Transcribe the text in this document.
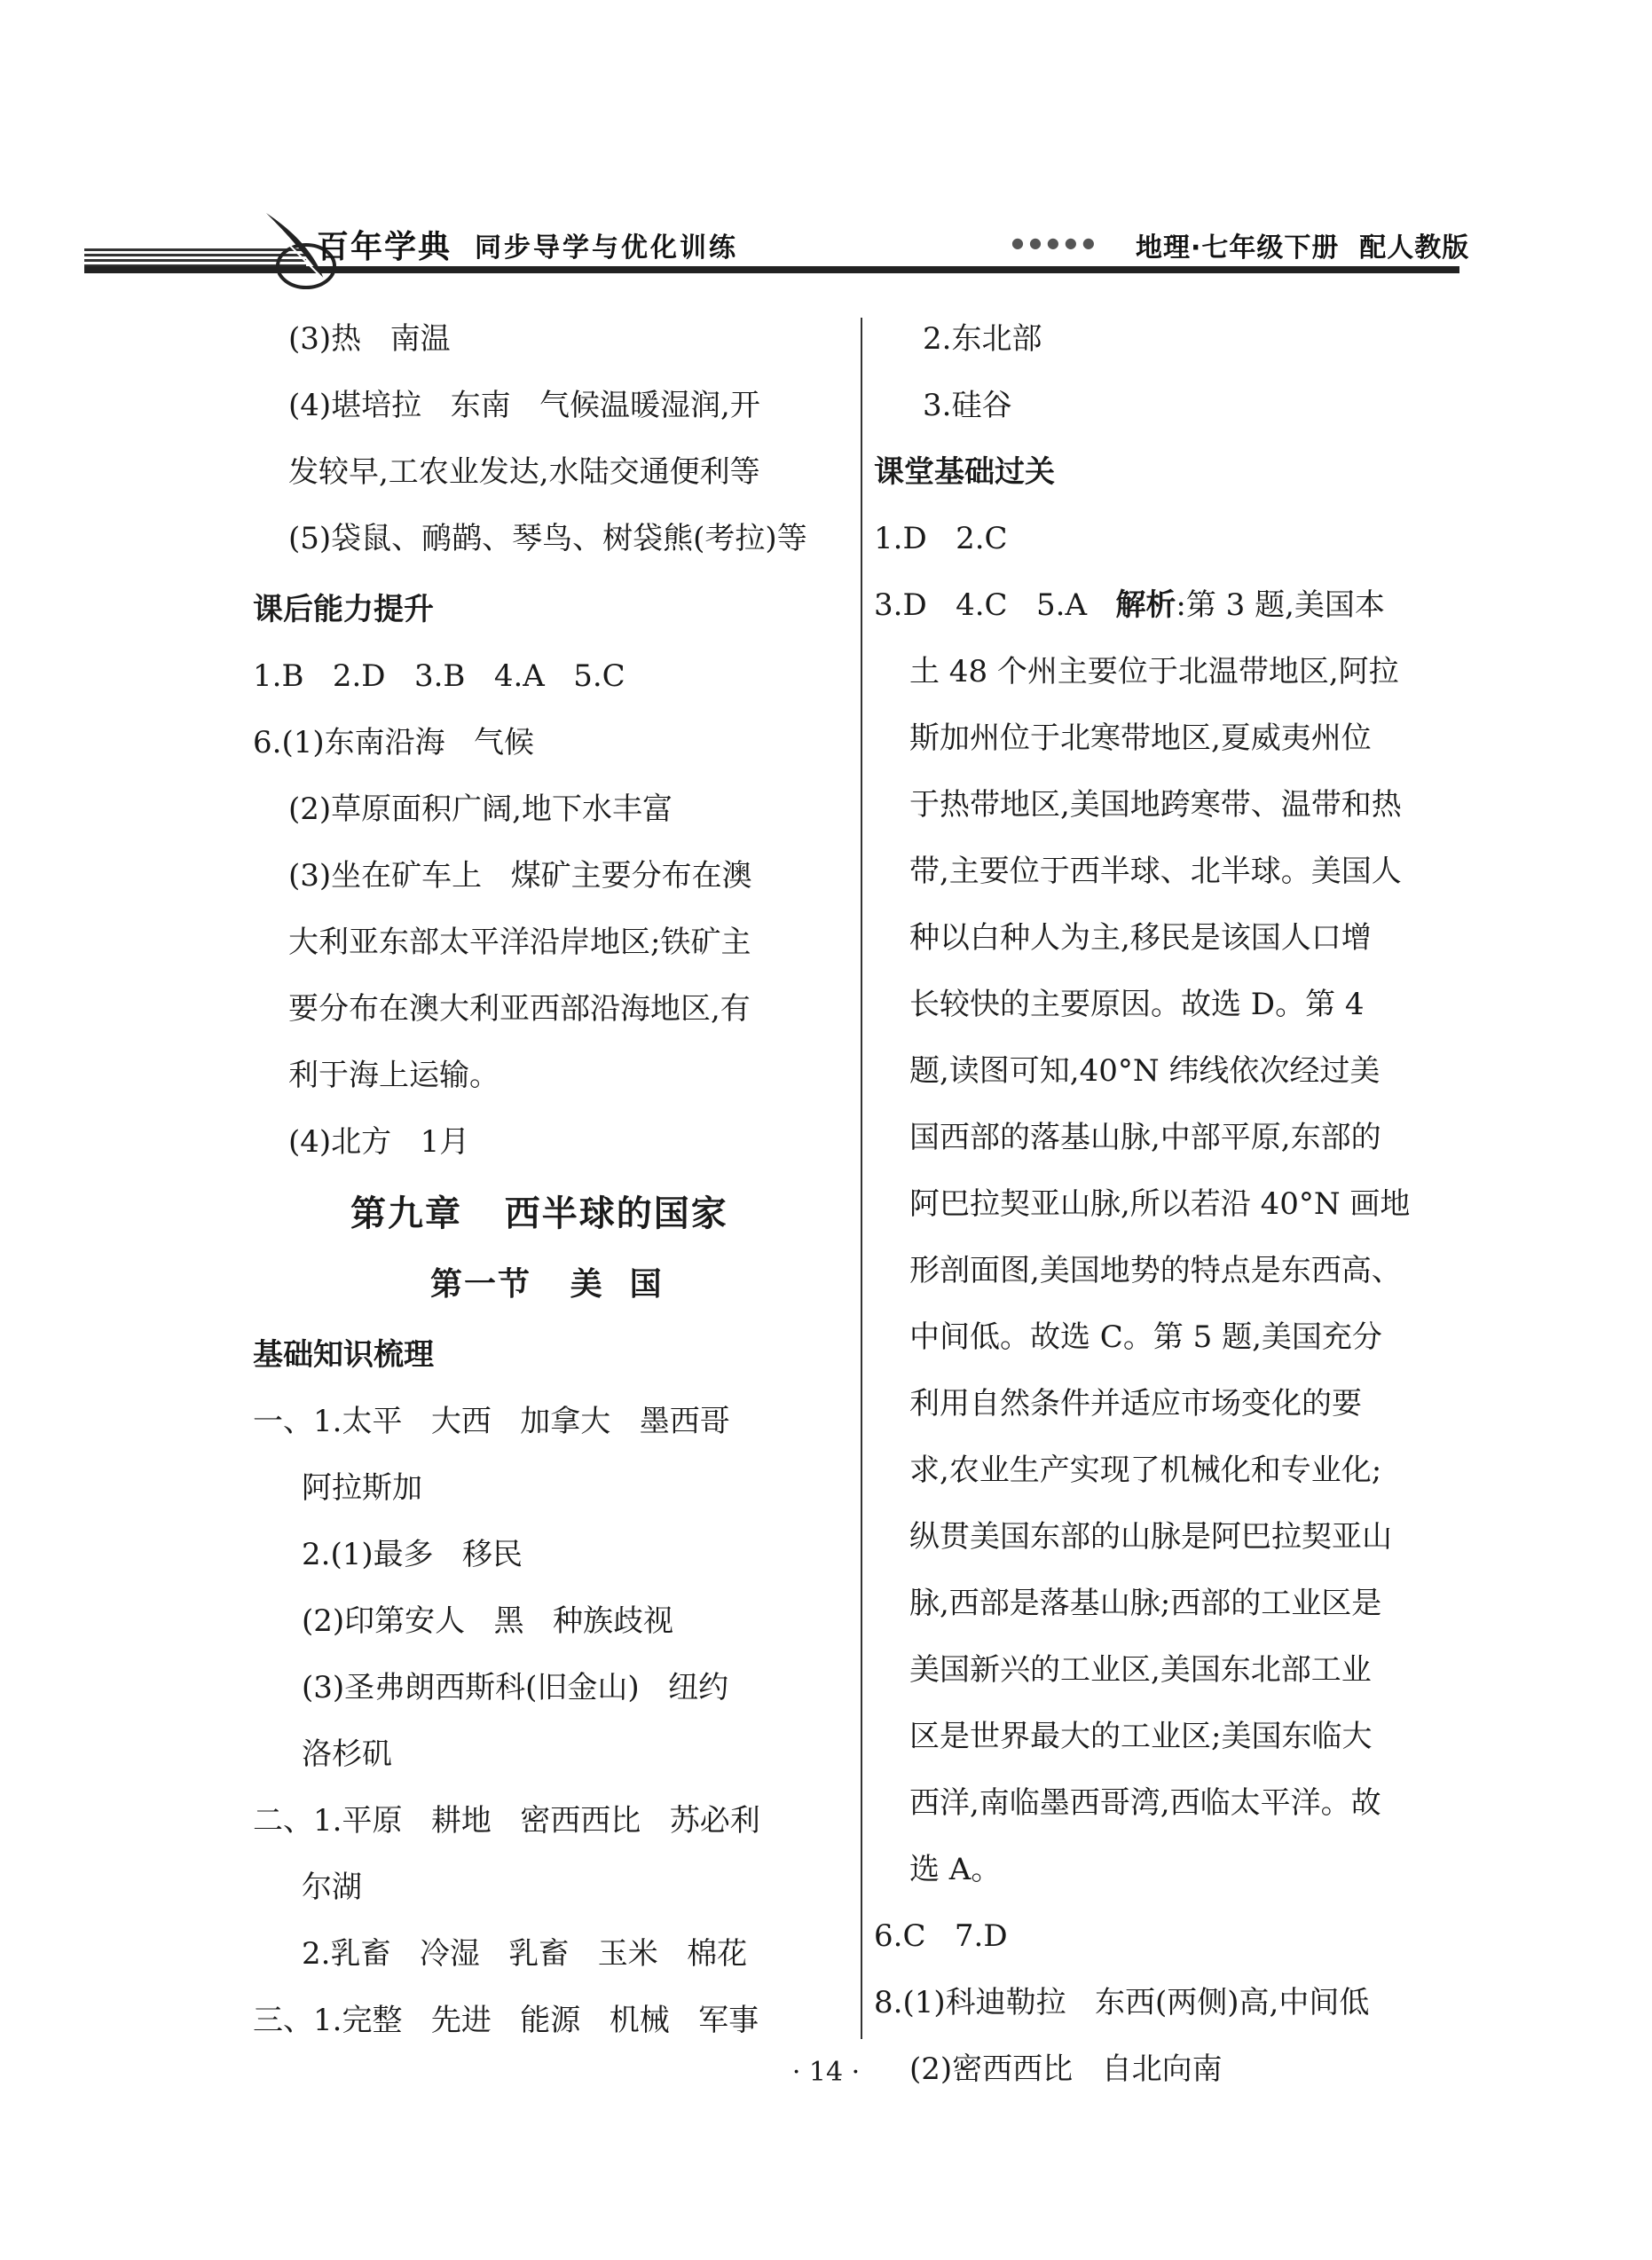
百年学典 同步导学与优化训练	●●●●● 地理·七年级下册  配人教版
(3)热   南温
(4)堪培拉   东南   气候温暖湿润,开
发较早,工农业发达,水陆交通便利等
(5)袋鼠、鸸鹋、琴鸟、树袋熊(考拉)等
课后能力提升
1.B   2.D   3.B   4.A   5.C
6.(1)东南沿海   气候
(2)草原面积广阔,地下水丰富
(3)坐在矿车上   煤矿主要分布在澳
大利亚东部太平洋沿岸地区;铁矿主
要分布在澳大利亚西部沿海地区,有
利于海上运输。
(4)北方   1月
第九章   西半球的国家
第一节   美  国
基础知识梳理
一、1.太平   大西   加拿大   墨西哥
阿拉斯加
2.(1)最多   移民
(2)印第安人   黑   种族歧视
(3)圣弗朗西斯科(旧金山)   纽约
洛杉矶
二、1.平原   耕地   密西西比   苏必利
尔湖
2.乳畜   冷湿   乳畜   玉米   棉花
三、1.完整   先进   能源   机械   军事
2.东北部
3.硅谷
课堂基础过关
1.D   2.C
3.D   4.C   5.A   解析:第 3 题,美国本
土 48 个州主要位于北温带地区,阿拉
斯加州位于北寒带地区,夏威夷州位
于热带地区,美国地跨寒带、温带和热
带,主要位于西半球、北半球。美国人
种以白种人为主,移民是该国人口增
长较快的主要原因。故选 D。第 4
题,读图可知,40°N 纬线依次经过美
国西部的落基山脉,中部平原,东部的
阿巴拉契亚山脉,所以若沿 40°N 画地
形剖面图,美国地势的特点是东西高、
中间低。故选 C。第 5 题,美国充分
利用自然条件并适应市场变化的要
求,农业生产实现了机械化和专业化;
纵贯美国东部的山脉是阿巴拉契亚山
脉,西部是落基山脉;西部的工业区是
美国新兴的工业区,美国东北部工业
区是世界最大的工业区;美国东临大
西洋,南临墨西哥湾,西临太平洋。故
选 A。
6.C   7.D
8.(1)科迪勒拉   东西(两侧)高,中间低
(2)密西西比   自北向南
· 14 ·
